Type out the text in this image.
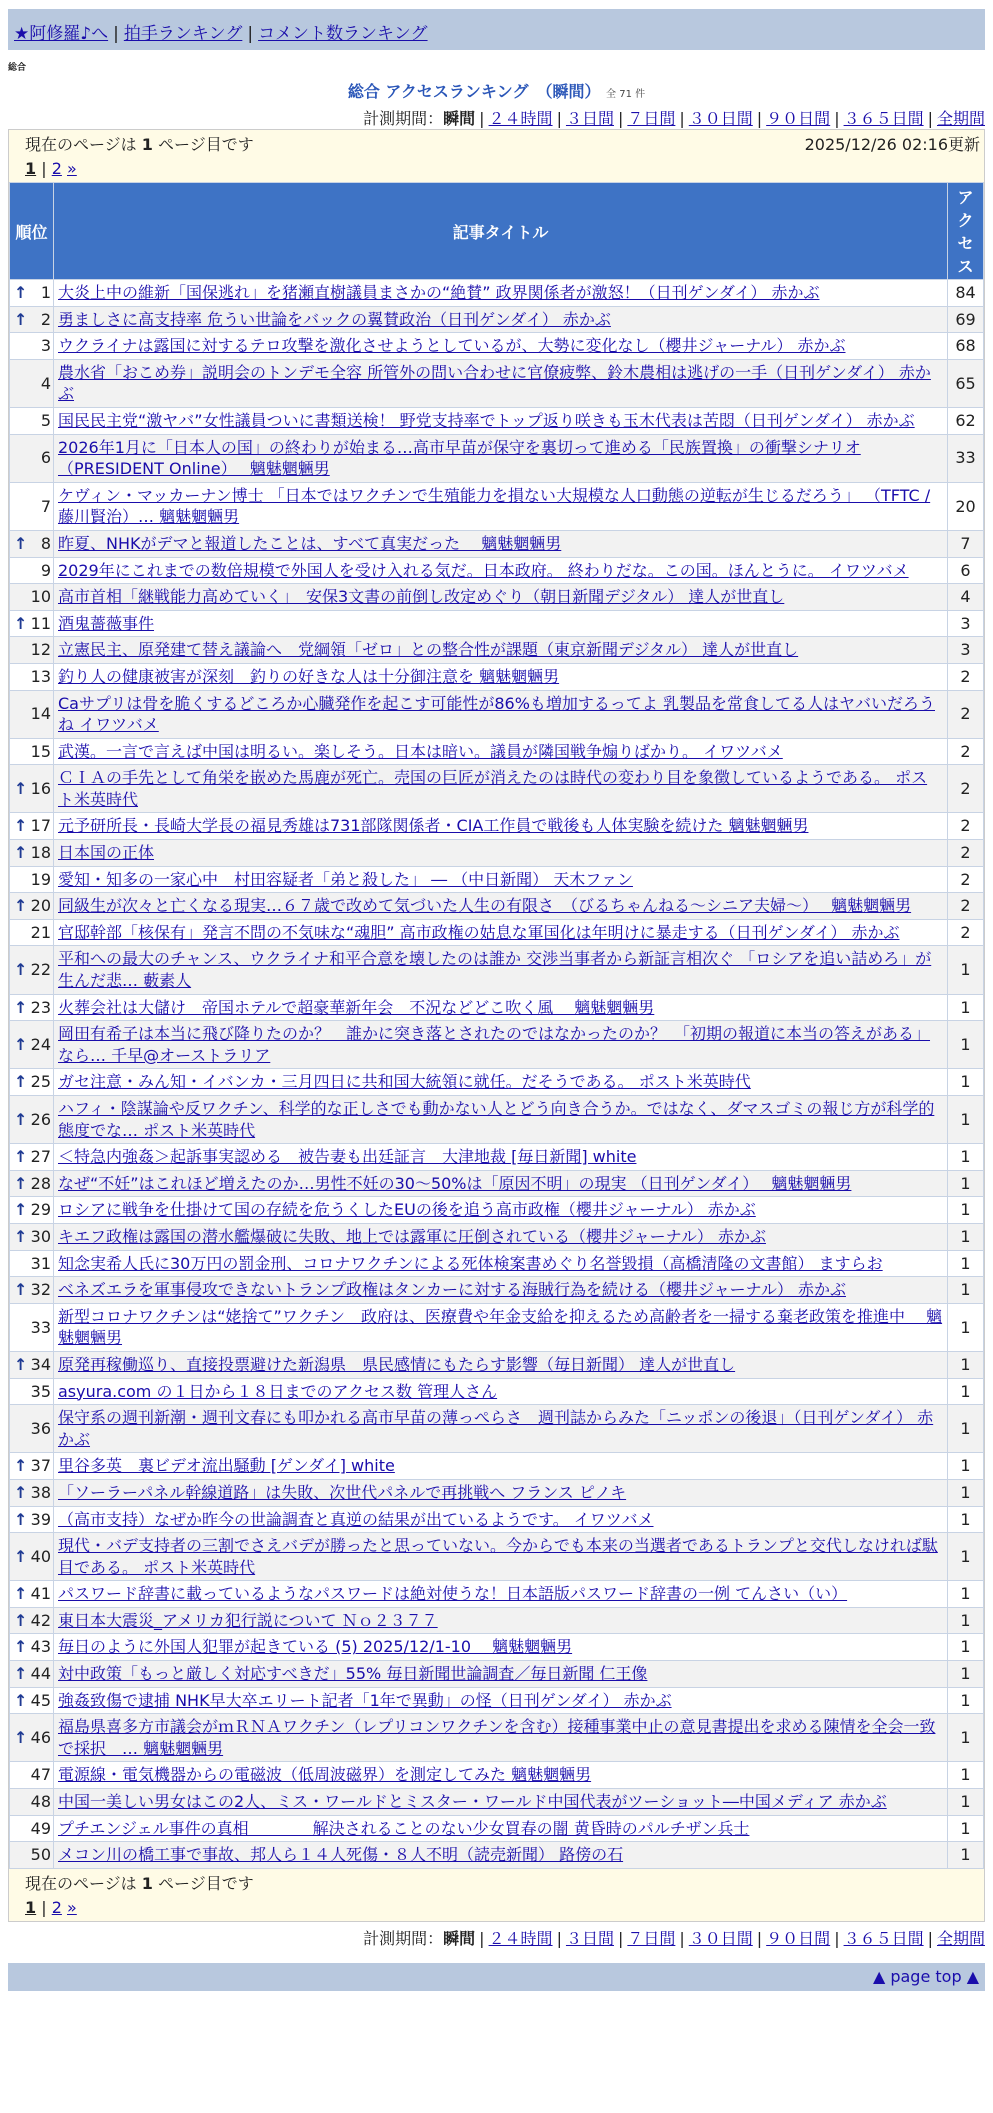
★阿修羅♪へ | 拍手ランキング | コメント数ランキング
総合
総合 アクセスランキング　（瞬間） 全 71 件
計測期間：瞬間 | ２４時間 | ３日間 | ７日間 | ３０日間 | ９０日間 | ３６５日間 | 全期間
現在のページは 1 ページ目です	2025/12/26 02:16更新
1 | 2 »
順位	記事タイトル	アクセス

↑ 1	大炎上中の維新「国保逃れ」を猪瀬直樹議員まさかの“絶賛” 政界関係者が激怒！（日刊ゲンダイ） 赤かぶ	84

↑ 2	勇ましさに高支持率 危うい世論をバックの翼賛政治（日刊ゲンダイ） 赤かぶ	69
3	ウクライナは露国に対するテロ攻撃を激化させようとしているが、大勢に変化なし（櫻井ジャーナル） 赤かぶ	68
4	農水省「おこめ券」説明会のトンデモ全容 所管外の問い合わせに官僚疲弊、鈴木農相は逃げの一手（日刊ゲンダイ） 赤かぶ	65
5	国民民主党“激ヤバ”女性議員ついに書類送検！ 野党支持率でトップ返り咲きも玉木代表は苦悶（日刊ゲンダイ） 赤かぶ	62
6	2026年1月に「日本人の国」の終わりが始まる…高市早苗が保守を裏切って進める「民族置換」の衝撃シナリオ （PRESIDENT Online）　 魑魅魍魎男	33
7	ケヴィン・マッカーナン博士 「日本ではワクチンで生殖能力を損ない大規模な人口動態の逆転が生じるだろう」 （TFTC / 藤川賢治）… 魑魅魍魎男	20

↑ 8	昨夏、NHKがデマと報道したことは、すべて真実だった　 魑魅魍魎男	7
9	2029年にこれまでの数倍規模で外国人を受け入れる気だ。日本政府。 終わりだな。この国。ほんとうに。 イワツバメ	6
10	高市首相「継戦能力高めていく」　安保3文書の前倒し改定めぐり（朝日新聞デジタル） 達人が世直し	4

↑ 11	酒鬼薔薇事件	3
12	立憲民主、原発建て替え議論へ　党綱領「ゼロ」との整合性が課題（東京新聞デジタル） 達人が世直し	3
13	釣り人の健康被害が深刻　釣りの好きな人は十分御注意を 魑魅魍魎男	2
14	Caサプリは骨を脆くするどころか心臓発作を起こす可能性が86%も増加するってよ 乳製品を常食してる人はヤバいだろうね イワツバメ	2
15	武漢。一言で言えば中国は明るい。楽しそう。日本は暗い。議員が隣国戦争煽りばかり。 イワツバメ	2

↑ 16	ＣＩＡの手先として角栄を嵌めた馬鹿が死亡。売国の巨匠が消えたのは時代の変わり目を象徴しているようである。 ポスト米英時代	2

↑ 17	元予研所長・長崎大学長の福見秀雄は731部隊関係者・CIA工作員で戦後も人体実験を続けた 魑魅魍魎男	2

↑ 18	日本国の正体	2
19	愛知・知多の一家心中　村田容疑者「弟と殺した」 ― （中日新聞） 天木ファン	2

↑ 20	同級生が次々と亡くなる現実…６７歳で改めて気づいた人生の有限さ　（びるちゃんねる〜シニア夫婦〜）　 魑魅魍魎男	2
21	官邸幹部「核保有」発言不問の不気味な“魂胆” 高市政権の姑息な軍国化は年明けに暴走する（日刊ゲンダイ） 赤かぶ	2

↑ 22	平和への最大のチャンス、ウクライナ和平合意を壊したのは誰か 交渉当事者から新証言相次ぐ 「ロシアを追い詰めろ」が生んだ悲… 藪素人	1

↑ 23	火葬会社は大儲け　帝国ホテルで超豪華新年会　不況などどこ吹く風　 魑魅魍魎男	1

↑ 24	岡田有希子は本当に飛び降りたのか？　誰かに突き落とされたのではなかったのか？　「初期の報道に本当の答えがある」なら… 千早@オーストラリア	1

↑ 25	ガセ注意・みん知・イバンカ・三月四日に共和国大統領に就任。だそうである。 ポスト米英時代	1

↑ 26	ハフィ・陰謀論や反ワクチン、科学的な正しさでも動かない人とどう向き合うか。ではなく、ダマスゴミの報じ方が科学的態度でな… ポスト米英時代	1

↑ 27	＜特急内強姦＞起訴事実認める　被告妻も出廷証言　大津地裁 [毎日新聞] white	1

↑ 28	なぜ“不妊”はこれほど増えたのか…男性不妊の30〜50%は「原因不明」の現実 （日刊ゲンダイ）　 魑魅魍魎男	1

↑ 29	ロシアに戦争を仕掛けて国の存続を危うくしたEUの後を追う高市政権（櫻井ジャーナル） 赤かぶ	1

↑ 30	キエフ政権は露国の潜水艦爆破に失敗、地上では露軍に圧倒されている（櫻井ジャーナル） 赤かぶ	1
31	知念実希人氏に30万円の罰金刑、コロナワクチンによる死体検案書めぐり名誉毀損（高橋清隆の文書館） ますらお	1

↑ 32	ベネズエラを軍事侵攻できないトランプ政権はタンカーに対する海賊行為を続ける（櫻井ジャーナル） 赤かぶ	1
33	新型コロナワクチンは“姥捨て”ワクチン　政府は、医療費や年金支給を抑えるため高齢者を一掃する棄老政策を推進中　 魑魅魍魎男	1

↑ 34	原発再稼働巡り、直接投票避けた新潟県　県民感情にもたらす影響（毎日新聞） 達人が世直し	1
35	asyura.com の１日から１８日までのアクセス数 管理人さん	1
36	保守系の週刊新潮・週刊文春にも叩かれる高市早苗の薄っぺらさ　週刊誌からみた「ニッポンの後退」（日刊ゲンダイ） 赤かぶ	1

↑ 37	里谷多英　裏ビデオ流出騒動 [ゲンダイ] white	1

↑ 38	「ソーラーパネル幹線道路」は失敗、次世代パネルで再挑戦へ フランス ピノキ	1

↑ 39	（高市支持）なぜか昨今の世論調査と真逆の結果が出ているようです。 イワツバメ	1

↑ 40	現代・バデ支持者の三割でさえバデが勝ったと思っていない。今からでも本来の当選者であるトランプと交代しなければ駄目である。 ポスト米英時代	1

↑ 41	パスワード辞書に載っているようなパスワードは絶対使うな！日本語版パスワード辞書の一例 てんさい（い）	1

↑ 42	東日本大震災_アメリカ犯行説について Ｎｏ２３７７	1

↑ 43	毎日のように外国人犯罪が起きている (5) 2025/12/1-10　 魑魅魍魎男	1

↑ 44	対中政策「もっと厳しく対応すべきだ」55% 毎日新聞世論調査／毎日新聞 仁王像	1

↑ 45	強姦致傷で逮捕 NHK早大卒エリート記者「1年で異動」の怪（日刊ゲンダイ） 赤かぶ	1

↑ 46	福島県喜多方市議会がｍＲＮＡワクチン（レプリコンワクチンを含む）接種事業中止の意見書提出を求める陳情を全会一致で採択　… 魑魅魍魎男	1
47	電源線・電気機器からの電磁波（低周波磁界）を測定してみた 魑魅魍魎男	1
48	中国一美しい男女はこの2人、ミス・ワールドとミスター・ワールド中国代表がツーショット―中国メディア 赤かぶ	1
49	プチエンジェル事件の真相　　　　解決されることのない少女買春の闇 黄昏時のパルチザン兵士	1
50	メコン川の橋工事で事故、邦人ら１４人死傷・８人不明（読売新聞） 路傍の石	1
現在のページは 1 ページ目です
1 | 2 »
計測期間：瞬間 | ２４時間 | ３日間 | ７日間 | ３０日間 | ９０日間 | ３６５日間 | 全期間
▲ page top ▲
